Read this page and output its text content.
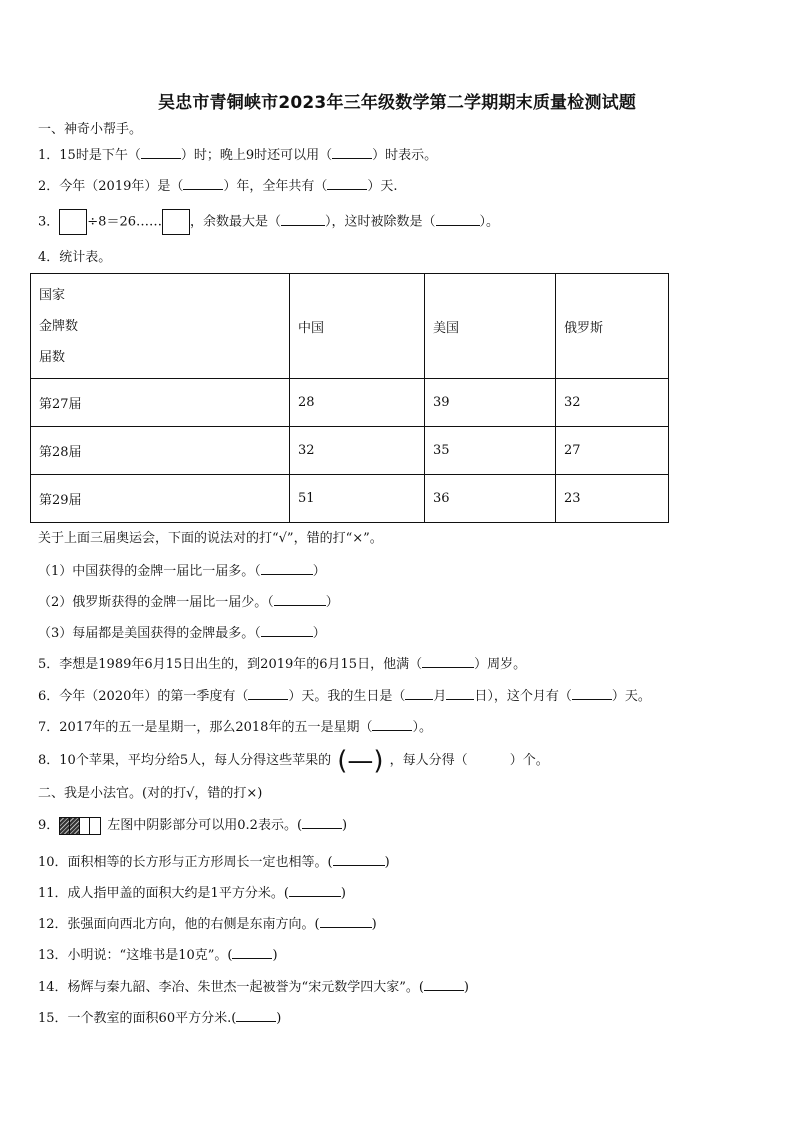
吴忠市青铜峡市2023年三年级数学第二学期期末质量检测试题
一、神奇小帮手。
1．15时是下午（	）时；晚上9时还可以用（	）时表示。
2．今年（2019年）是（	）年，全年共有（	）天.
3． ÷8＝26…… ，余数最大是（	），这时被除数是（	）。
4．统计表。
国家
金牌数
届数	中国	美国	俄罗斯
第27届	28	39	32
第28届	32	35	27
第29届	51	36	23
关于上面三届奥运会，下面的说法对的打“√”，错的打“×”。
（1）中国获得的金牌一届比一届多。（	）
（2）俄罗斯获得的金牌一届比一届少。（	）
（3）每届都是美国获得的金牌最多。（	）
5．李想是1989年6月15日出生的，到2019年的6月15日，他满（	）周岁。
6．今年（2020年）的第一季度有（	）天。我的生日是（ 月 日），这个月有（	）天。
7．2017年的五一是星期一，那么2018年的五一是星期（	）。
8．10个苹果，平均分给5人，每人分得这些苹果的 (—) ，每人分得（	）个。
二、我是小法官。(对的打√，错的打×)
9．	左图中阴影部分可以用0.2表示。(	)
10．面积相等的长方形与正方形周长一定也相等。(	)
11．成人指甲盖的面积大约是1平方分米。(	)
12．张强面向西北方向，他的右侧是东南方向。(	)
13．小明说：“这堆书是10克”。(	)
14．杨辉与秦九韶、李冶、朱世杰一起被誉为“宋元数学四大家”。(	)
15．一个教室的面积60平方分米.(	)
